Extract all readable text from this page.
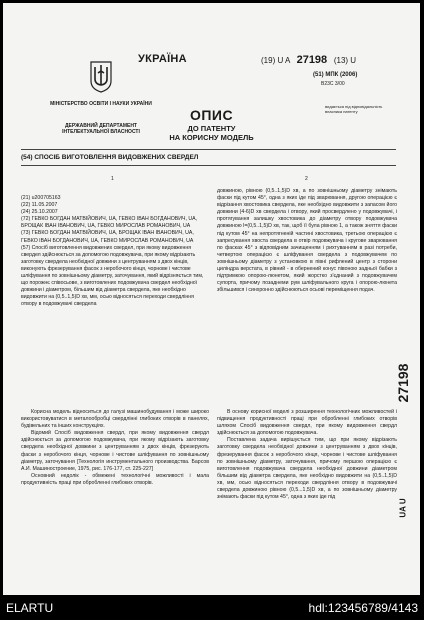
УКРАЇНА
МІНІСТЕРСТВО ОСВІТИ І НАУКИ УКРАЇНИ
ДЕРЖАВНИЙ ДЕПАРТАМЕНТ ІНТЕЛЕКТУАЛЬНОЇ ВЛАСНОСТІ
(19) U A 27198 (13) U
(51) МПК (2006)
B23C 3/00
видається під відповідальність власника патенту
ОПИС
ДО ПАТЕНТУ
НА КОРИСНУ МОДЕЛЬ
(54) СПОСІБ ВИГОТОВЛЕННЯ ВИДОВЖЕНИХ СВЕРДЕЛ
1	2

(21) u200705163

(22) 11.05.2007

(24) 25.10.2007

(72) ГЕВКО БОГДАН МАТВІЙОВИЧ, UA, ГЕВКО ІВАН БОГДАНОВИЧ, UA, БРОЩАК ІВАН ІВАНОВИЧ, UA, ГЕВКО МИРОСЛАВ РОМАНОВИЧ, UA

(73) ГЕВКО БОГДАН МАТВІЙОВИЧ, UA, БРОЩАК ІВАН ІВАНОВИЧ, UA, ГЕВКО ІВАН БОГДАНОВИЧ, UA, ГЕВКО МИРОСЛАВ РОМАНОВИЧ, UA

(57) Спосіб виготовлення видовжених свердел, при якому видовження свердел здійснюється за допомогою подовжувача, при якому відрізають заготовку свердела необхідної довжини з центруванням з двох кінців, виконують фрезерування фасок з неробочого кінця, чорнове і чистове шліфування по зовнішньому діаметру, заточування, який відрізняється тим, що порожнє співосьове, з виготовлених подовжувача свердел необхідної довжини і діаметром, більшим від діаметра свердела, яке необхідно видовжити на (0,5..1,5)D хв, мм, осью відносяться переходи свердління отвору в подовжувачі свердела

довжиною, рівною (0,5..1,5)D хв, а по зовнішньому діаметру знімають фаски під кутом 45°, одна з яких іде під зварювання, другою операцією є відрізання хвостовика свердела, яке необхідно видовжити з запасом його довжини (4-6)D хв свердела і отвору, який просвердлено у подовжувачі, і протягування залишку хвостовика до діаметру отвору подовжувача довжиною l=(0,5..1,5)D хв, так, щоб її була рівною 1, а також зняття фаски під кутом 45° на непротягненій частині хвостовика, третьою операцією є запресування хвоста свердела в отвір подовжувача і кругове зварювання по фасках 45° з відповідним зачищенням і рихтуванням в разі потреби, четвертою операцією є шліфування свердела з подовжувачем по зовнішньому діаметру з установкою в півні рифлений центр з сторони циліндра верстата, в рівний - в обернений конус півоною задньої бабки з підтримкою опорою-люнетом, який жорстко з'єднаний з подовжувачем супорта, причому позаднеми рум шліфувального круга і опорою-люнета збільшився і синхронно здійснюються осьові переміщення подач.

Корисна модель відноситься до галузі машинобудування і може широко використовуватися в металообробці свердлінні глибоких отворів в панелях, будівельних та інших конструкціях.

Відомий Спосіб видовження свердл, при якому видовження свердл здійснюється за допомогою подовжувача, при якому відрізають заготовку свердела необхідної довжини з центруванням з двох кінців, фрезерують фаски з неробочого кінця, чорнове і чистове шліфування по зовнішньому діаметру, заточування [Технологія инструментального производства. Барсов А.И. Машиностроение, 1975, рис. 176-177, ст. 225-227]

Основний недолік - обмежені технологічні можливості і мала продуктивність праці при обробленні глибоких отворів.

В основу корисної моделі з розширення технологічних можливостей і підвищення продуктивності праці при обробленні глибоких отворів шляхом Спосіб видовження свердл, при якому видовження свердл здійснюється за допомогою подовжувача.

Поставлена задача вирішується тим, що при якому відрізають заготовку свердела необхідної довжини з центруванням з двох кінців, фрезерування фасок з неробочого кінця, чорнове і чистове шліфування по зовнішньому діаметру, заточування, причому першою операцією є виготовлення подовжувача свердела необхідної довжини діаметром більшим від діаметра свердела, яке необхідно видовжити на (0,5..1,5)D хв, мм, осью відносяться переходи свердління отвору в подовжувачі свердела довжиною рівною (0,5...1,5)D хв, а по зовнішньому діаметру знімають фаски під кутом 45°, одна з яких іде під

27198
UA U
ELARTU	hdl:123456789/4143
